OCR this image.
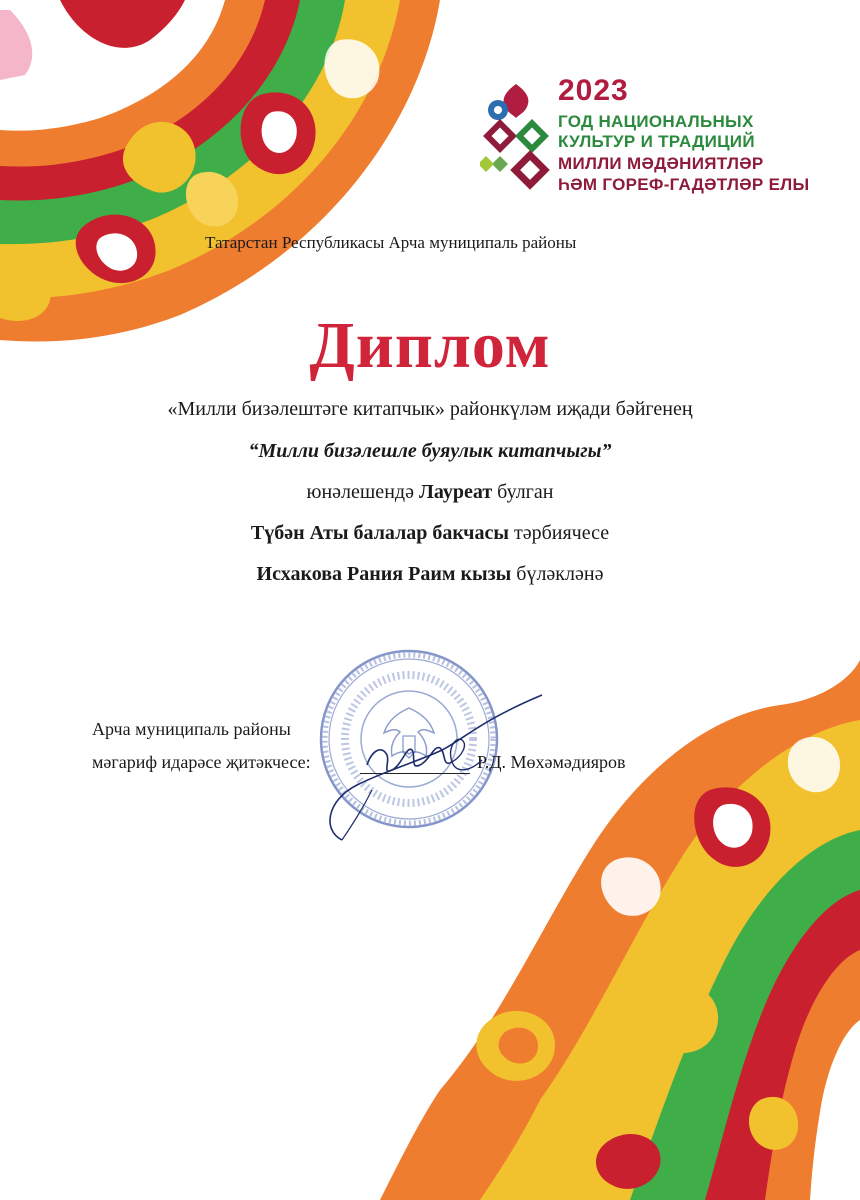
2023
ГОД НАЦИОНАЛЬНЫХ
КУЛЬТУР И ТРАДИЦИЙ
МИЛЛИ МӘДӘНИЯТЛӘР
ҺӘМ ГОРЕФ-ГАДӘТЛӘР ЕЛЫ
Татарстан Республикасы Арча муниципаль районы
Диплом
«Милли бизәлештәге китапчык» районкүләм иҗади бәйгенең
“Милли бизәлешле буяулык китапчыгы”
юнәлешендә Лауреат булган
Түбән Аты балалар бакчасы тәрбиячесе
Исхакова Рания Раим кызы бүләкләнә
Арча муниципаль районы
мәгариф идарәсе җитәкчесе:	Р.Д. Мөхәмәдияров
